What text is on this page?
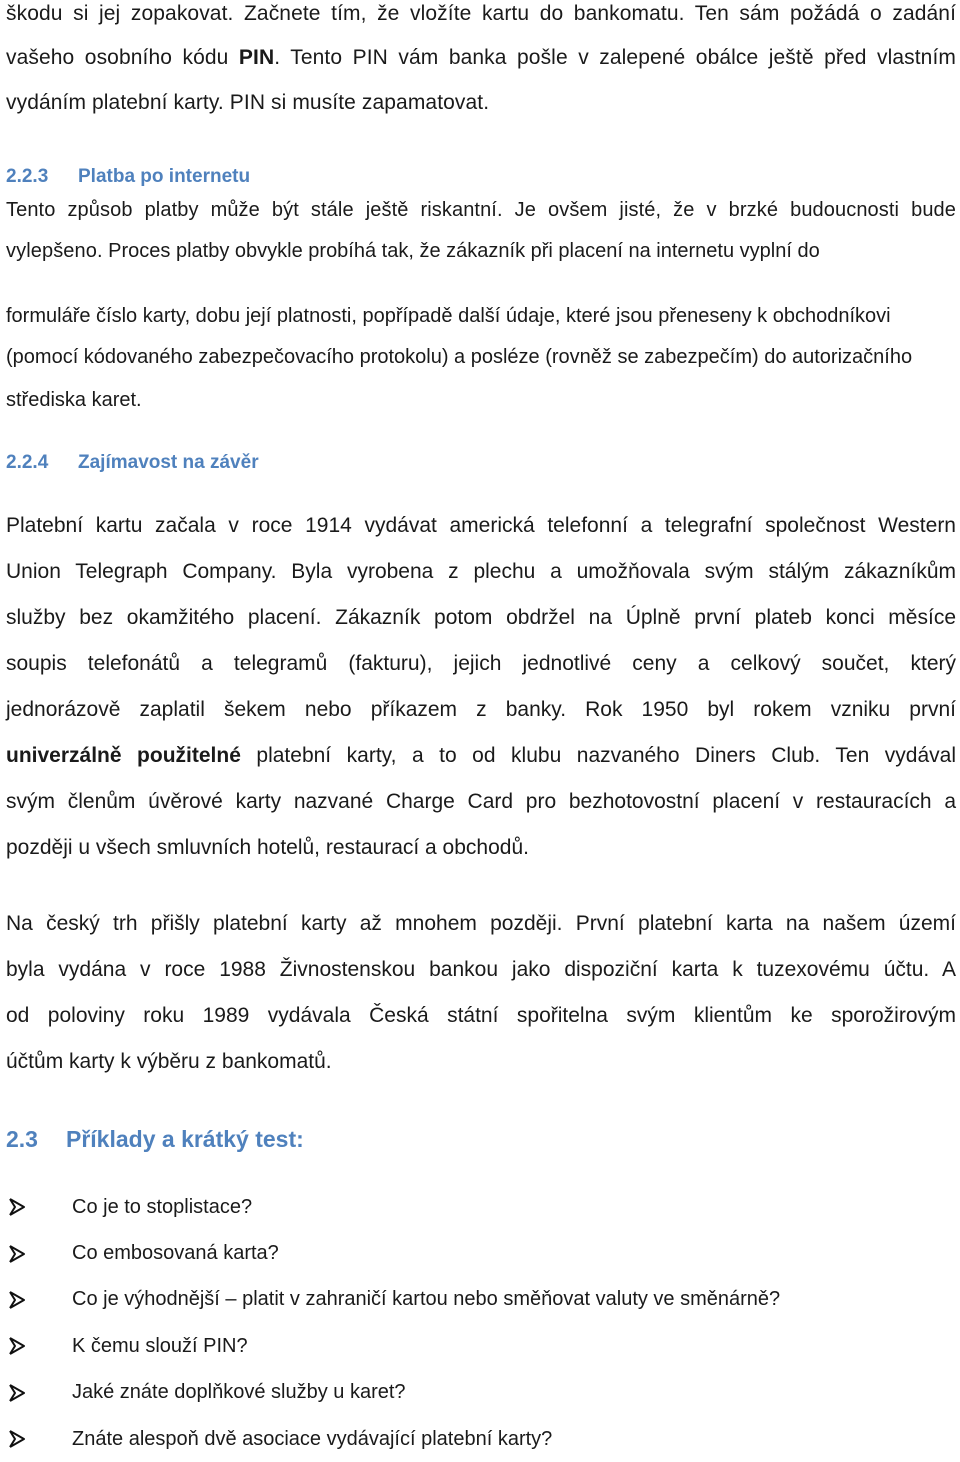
škodu si jej zopakovat. Začnete tím, že vložíte kartu do bankomatu. Ten sám požádá o zadání
vašeho osobního kódu PIN. Tento PIN vám banka pošle v zalepené obálce ještě před vlastním
vydáním platební karty. PIN si musíte zapamatovat.
2.2.3 Platba po internetu
Tento způsob platby může být stále ještě riskantní. Je ovšem jisté, že v brzké budoucnosti bude
vylepšeno. Proces platby obvykle probíhá tak, že zákazník při placení na internetu vyplní do
formuláře číslo karty, dobu její platnosti, popřípadě další údaje, které jsou přeneseny k obchodníkovi
(pomocí kódovaného zabezpečovacího protokolu) a posléze (rovněž se zabezpečím) do autorizačního
střediska karet.
2.2.4 Zajímavost na závěr
Platební kartu začala v roce 1914 vydávat americká telefonní a telegrafní společnost Western
Union Telegraph Company. Byla vyrobena z plechu a umožňovala svým stálým zákazníkům
služby bez okamžitého placení. Zákazník potom obdržel na Úplně první plateb konci měsíce
soupis telefonátů a telegramů (fakturu), jejich jednotlivé ceny a celkový součet, který
jednorázově zaplatil šekem nebo příkazem z banky. Rok 1950 byl rokem vzniku první
univerzálně použitelné platební karty, a to od klubu nazvaného Diners Club. Ten vydával
svým členům úvěrové karty nazvané Charge Card pro bezhotovostní placení v restauracích a
později u všech smluvních hotelů, restaurací a obchodů.
Na český trh přišly platební karty až mnohem později. První platební karta na našem území
byla vydána v roce 1988 Živnostenskou bankou jako dispoziční karta k tuzexovému účtu. A
od poloviny roku 1989 vydávala Česká státní spořitelna svým klientům ke sporožirovým
účtům karty k výběru z bankomatů.
2.3 Příklady a krátký test:
Co je to stoplistace?
Co embosovaná karta?
Co je výhodnější – platit v zahraničí kartou nebo směňovat valuty ve směnárně?
K čemu slouží PIN?
Jaké znáte doplňkové služby u karet?
Znáte alespoň dvě asociace vydávající platební karty?
